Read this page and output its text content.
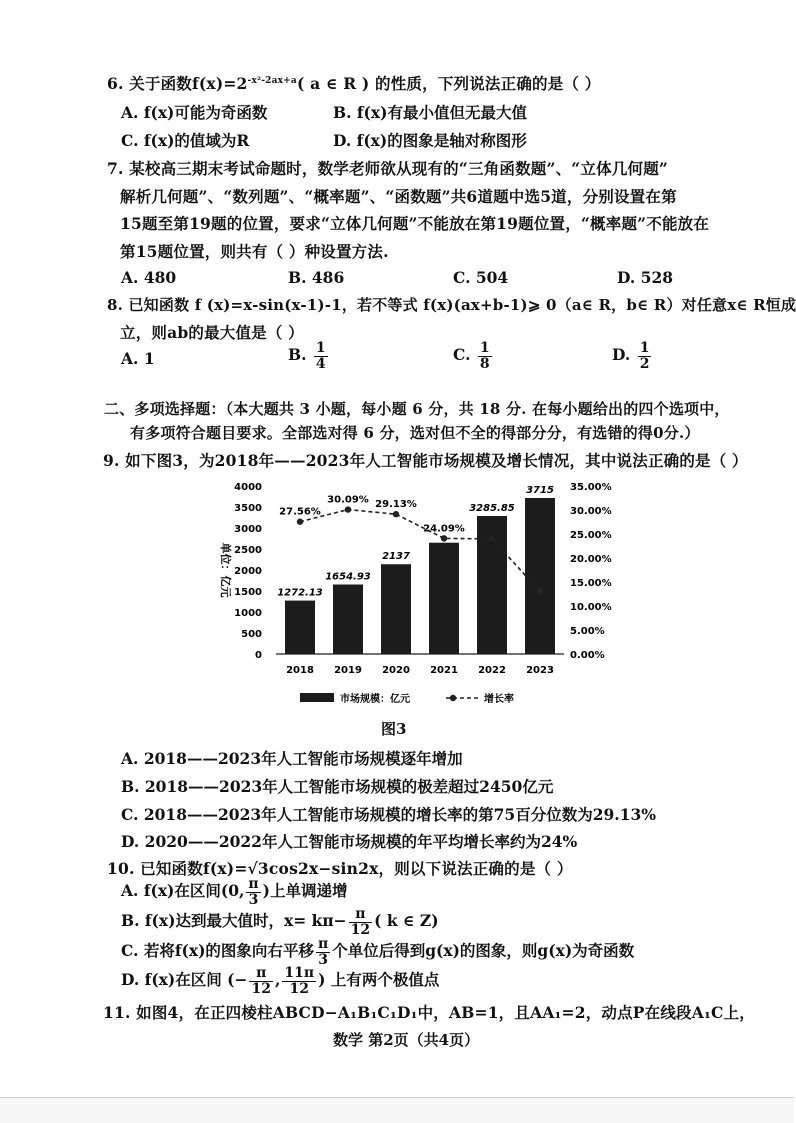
6. 关于函数$f(x)=2^{-x^2-2ax+a}$( a ∈ R ) 的性质，下列说法正确的是（ ）
A. f(x)可能为奇函数	B. f(x)有最小值但无最大值
C. f(x)的值域为R	D. f(x)的图象是轴对称图形
7. 某校高三期末考试命题时，数学老师欲从现有的“三角函数题”、“立体几何题”
解析几何题”、“数列题”、“概率题”、“函数题”共6道题中选5道，分别设置在第
15题至第19题的位置，要求“立体几何题”不能放在第19题位置，“概率题”不能放在
第15题位置，则共有（ ）种设置方法.
A. 480	B. 486	C. 504	D. 528
8. 已知函数 f (x)=x-sin(x-1)-1，若不等式 f(x)(ax+b-1)⩾ 0（a∈ R，b∈ R）对任意x∈ R恒成
立，则ab的最大值是（ ）
A. 1	B. $\frac{1}{4}$	C. $\frac{1}{8}$	D. $\frac{1}{2}$
二、多项选择题：（本大题共 3 小题，每小题 6 分，共 18 分. 在每小题给出的四个选项中，
有多项符合题目要求。全部选对得 6 分，选对但不全的得部分分，有选错的得0分.）
9. 如下图3，为2018年——2023年人工智能市场规模及增长情况，其中说法正确的是（ ）
0
500
1000
1500
2000
2500
3000
3500
4000
0.00%
5.00%
10.00%
15.00%
20.00%
25.00%
30.00%
35.00%
单位：亿元	1272.13
1654.93
2137
3285.85
3715
27.56%
30.09% 29.13%
24.09%
2018 2019 2020 2021 2022 2023
市场规模：亿元	增长率
图3
A. 2018——2023年人工智能市场规模逐年增加
B. 2018——2023年人工智能市场规模的极差超过2450亿元
C. 2018——2023年人工智能市场规模的增长率的第75百分位数为29.13%
D. 2020——2022年人工智能市场规模的年平均增长率约为24%
10. 已知函数f(x)=√3cos2x−sin2x，则以下说法正确的是（ ）
A. f(x)在区间(0, $\frac{\pi}{3}$ )上单调递增
B. f(x)达到最大值时，$x= k\pi- \frac{\pi}{12}$ ( k ∈ Z)
C. 若将f(x)的图象向右平移 $\frac{\pi}{3}$ 个单位后得到g(x)的图象，则g(x)为奇函数
D. f(x)在区间 (− $\frac{\pi}{12}$ , $\frac{11\pi}{12}$ ) 上有两个极值点
11. 如图4，在正四棱柱ABCD−A₁B₁C₁D₁中，AB=1，且AA₁=2，动点P在线段A₁C上，
数学 第2页（共4页）
